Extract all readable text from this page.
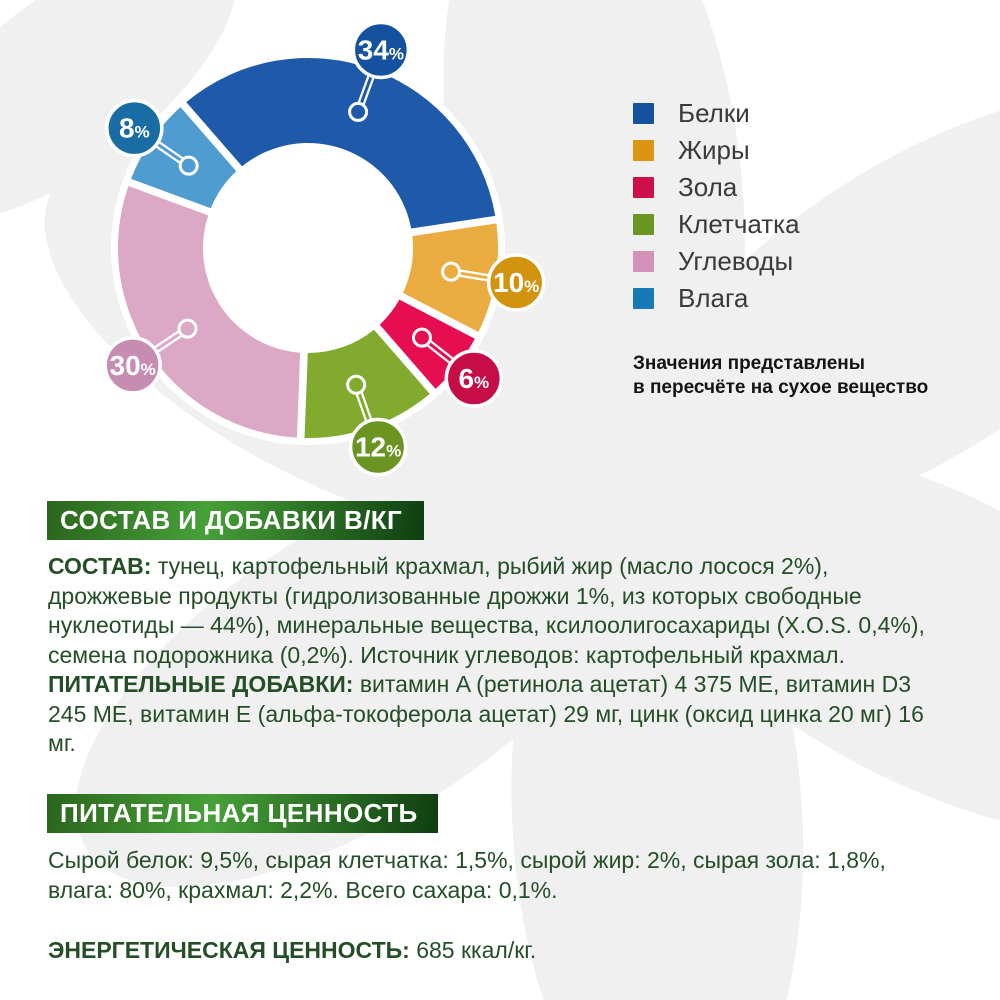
34%
10%
6%
12%
30%
8%
Белки
Жиры
Зола
Клетчатка
Углеводы
Влага
Значения представлены
в пересчёте на сухое вещество
СОСТАВ И ДОБАВКИ В/КГ

СОСТАВ: тунец, картофельный крахмал, рыбий жир (масло лосося 2%), дрожжевые продукты (гидролизованные дрожжи 1%, из которых свободные нуклеотиды — 44%), минеральные вещества, ксилоолигосахариды (X.O.S. 0,4%), семена подорожника (0,2%). Источник углеводов: картофельный крахмал.

ПИТАТЕЛЬНЫЕ ДОБАВКИ: витамин A (ретинола ацетат) 4 375 МЕ, витамин D3 245 МЕ, витамин E (альфа-токоферола ацетат) 29 мг, цинк (оксид цинка 20 мг) 16 мг.

ПИТАТЕЛЬНАЯ ЦЕННОСТЬ

Сырой белок: 9,5%, сырая клетчатка: 1,5%, сырой жир: 2%, сырая зола: 1,8%, влага: 80%, крахмал: 2,2%. Всего сахара: 0,1%.

ЭНЕРГЕТИЧЕСКАЯ ЦЕННОСТЬ: 685 ккал/кг.
